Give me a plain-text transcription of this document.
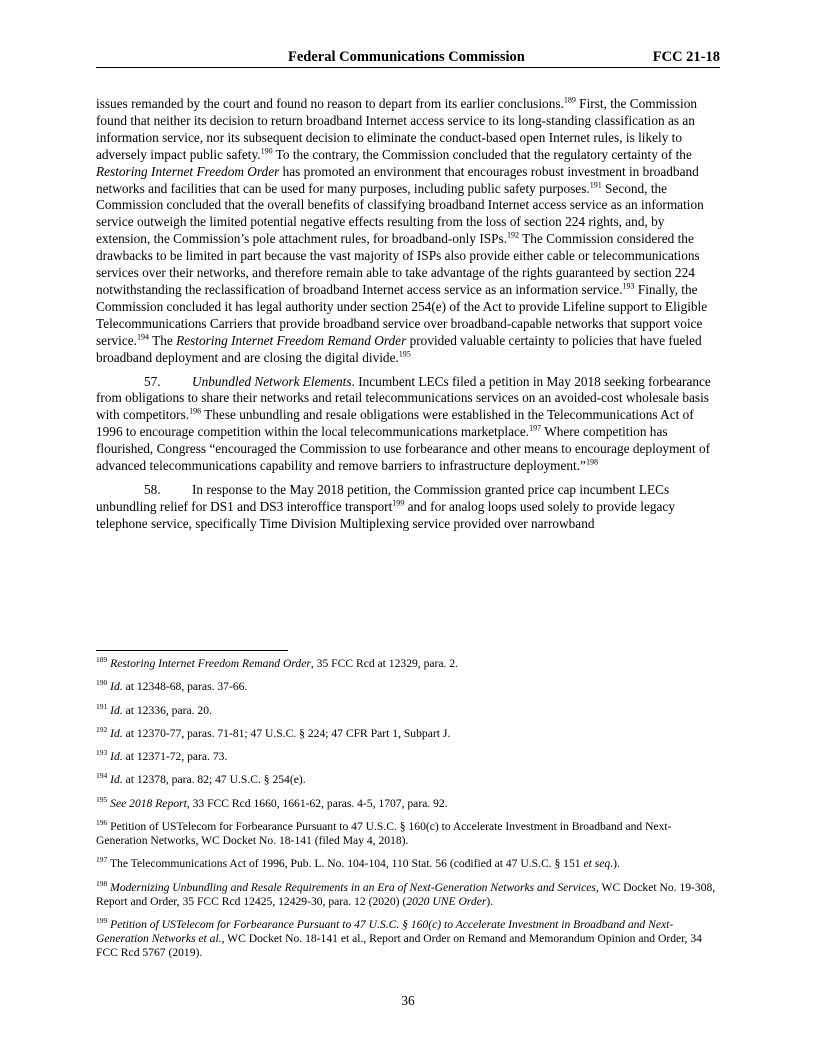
Federal Communications Commission	FCC 21-18

issues remanded by the court and found no reason to depart from its earlier conclusions.$^{189}$ First, the Commission found that neither its decision to return broadband Internet access service to its long-standing classification as an information service, nor its subsequent decision to eliminate the conduct-based open Internet rules, is likely to adversely impact public safety.$^{190}$ To the contrary, the Commission concluded that the regulatory certainty of the Restoring Internet Freedom Order has promoted an environment that encourages robust investment in broadband networks and facilities that can be used for many purposes, including public safety purposes.$^{191}$ Second, the Commission concluded that the overall benefits of classifying broadband Internet access service as an information service outweigh the limited potential negative effects resulting from the loss of section 224 rights, and, by extension, the Commission’s pole attachment rules, for broadband-only ISPs.$^{192}$ The Commission considered the drawbacks to be limited in part because the vast majority of ISPs also provide either cable or telecommunications services over their networks, and therefore remain able to take advantage of the rights guaranteed by section 224 notwithstanding the reclassification of broadband Internet access service as an information service.$^{193}$ Finally, the Commission concluded it has legal authority under section 254(e) of the Act to provide Lifeline support to Eligible Telecommunications Carriers that provide broadband service over broadband-capable networks that support voice service.$^{194}$ The Restoring Internet Freedom Remand Order provided valuable certainty to policies that have fueled broadband deployment and are closing the digital divide.$^{195}$

57. Unbundled Network Elements. Incumbent LECs filed a petition in May 2018 seeking forbearance from obligations to share their networks and retail telecommunications services on an avoided-cost wholesale basis with competitors.$^{196}$ These unbundling and resale obligations were established in the Telecommunications Act of 1996 to encourage competition within the local telecommunications marketplace.$^{197}$ Where competition has flourished, Congress “encouraged the Commission to use forbearance and other means to encourage deployment of advanced telecommunications capability and remove barriers to infrastructure deployment.”$^{198}$

58. In response to the May 2018 petition, the Commission granted price cap incumbent LECs unbundling relief for DS1 and DS3 interoffice transport$^{199}$ and for analog loops used solely to provide legacy telephone service, specifically Time Division Multiplexing service provided over narrowband

$^{189}$ Restoring Internet Freedom Remand Order, 35 FCC Rcd at 12329, para. 2.

$^{190}$ Id. at 12348-68, paras. 37-66.

$^{191}$ Id. at 12336, para. 20.

$^{192}$ Id. at 12370-77, paras. 71-81; 47 U.S.C. § 224; 47 CFR Part 1, Subpart J.

$^{193}$ Id. at 12371-72, para. 73.

$^{194}$ Id. at 12378, para. 82; 47 U.S.C. § 254(e).

$^{195}$ See 2018 Report, 33 FCC Rcd 1660, 1661-62, paras. 4-5, 1707, para. 92.

$^{196}$ Petition of USTelecom for Forbearance Pursuant to 47 U.S.C. § 160(c) to Accelerate Investment in Broadband and Next-Generation Networks, WC Docket No. 18-141 (filed May 4, 2018).

$^{197}$ The Telecommunications Act of 1996, Pub. L. No. 104-104, 110 Stat. 56 (codified at 47 U.S.C. § 151 et seq.).

$^{198}$ Modernizing Unbundling and Resale Requirements in an Era of Next-Generation Networks and Services, WC Docket No. 19-308, Report and Order, 35 FCC Rcd 12425, 12429-30, para. 12 (2020) (2020 UNE Order).

$^{199}$ Petition of USTelecom for Forbearance Pursuant to 47 U.S.C. § 160(c) to Accelerate Investment in Broadband and Next-Generation Networks et al., WC Docket No. 18-141 et al., Report and Order on Remand and Memorandum Opinion and Order, 34 FCC Rcd 5767 (2019).

36
